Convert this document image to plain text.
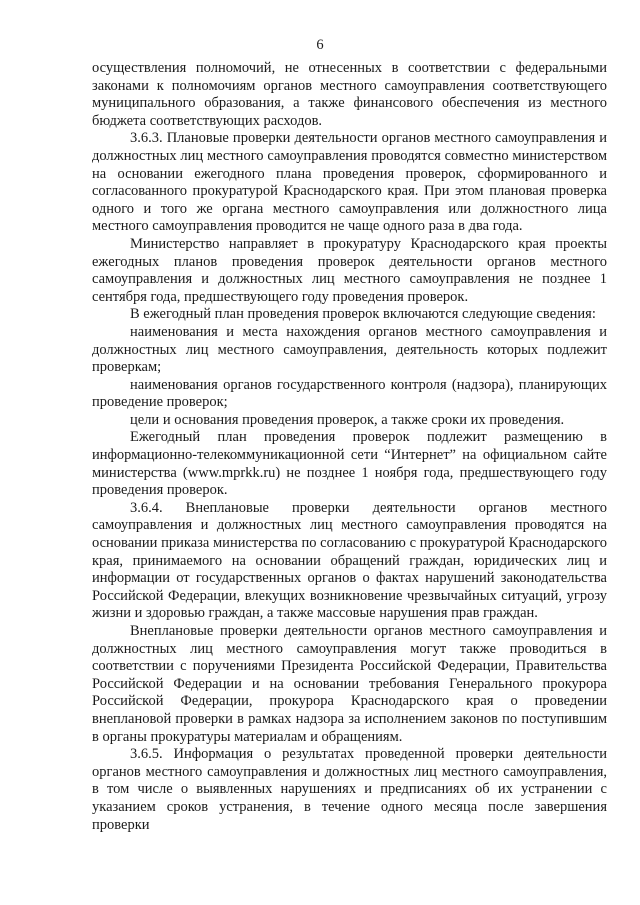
6

осуществления полномочий, не отнесенных в соответствии с федеральными законами к полномочиям органов местного самоуправления соответствующего муниципального образования, а также финансового обеспечения из местного бюджета соответствующих расходов.

3.6.3. Плановые проверки деятельности органов местного самоуправления и должностных лиц местного самоуправления проводятся совместно министерством на основании ежегодного плана проведения проверок, сформированного и согласованного прокуратурой Краснодарского края. При этом плановая проверка одного и того же органа местного самоуправления или должностного лица местного самоуправления проводится не чаще одного раза в два года.

Министерство направляет в прокуратуру Краснодарского края проекты ежегодных планов проведения проверок деятельности органов местного самоуправления и должностных лиц местного самоуправления не позднее 1 сентября года, предшествующего году проведения проверок.

В ежегодный план проведения проверок включаются следующие сведения:

наименования и места нахождения органов местного самоуправления и должностных лиц местного самоуправления, деятельность которых подлежит проверкам;

наименования органов государственного контроля (надзора), планирующих проведение проверок;

цели и основания проведения проверок, а также сроки их проведения.

Ежегодный план проведения проверок подлежит размещению в информационно-телекоммуникационной сети “Интернет” на официальном сайте министерства (www.mprkk.ru) не позднее 1 ноября года, предшествующего году проведения проверок.

3.6.4. Внеплановые проверки деятельности органов местного самоуправления и должностных лиц местного самоуправления проводятся на основании приказа министерства по согласованию с прокуратурой Краснодарского края, принимаемого на основании обращений граждан, юридических лиц и информации от государственных органов о фактах нарушений законодательства Российской Федерации, влекущих возникновение чрезвычайных ситуаций, угрозу жизни и здоровью граждан, а также массовые нарушения прав граждан.

Внеплановые проверки деятельности органов местного самоуправления и должностных лиц местного самоуправления могут также проводиться в соответствии с поручениями Президента Российской Федерации, Правительства Российской Федерации и на основании требования Генерального прокурора Российской Федерации, прокурора Краснодарского края о проведении внеплановой проверки в рамках надзора за исполнением законов по поступившим в органы прокуратуры материалам и обращениям.

3.6.5. Информация о результатах проведенной проверки деятельности органов местного самоуправления и должностных лиц местного самоуправления, в том числе о выявленных нарушениях и предписаниях об их устранении с указанием сроков устранения, в течение одного месяца после завершения проверки
